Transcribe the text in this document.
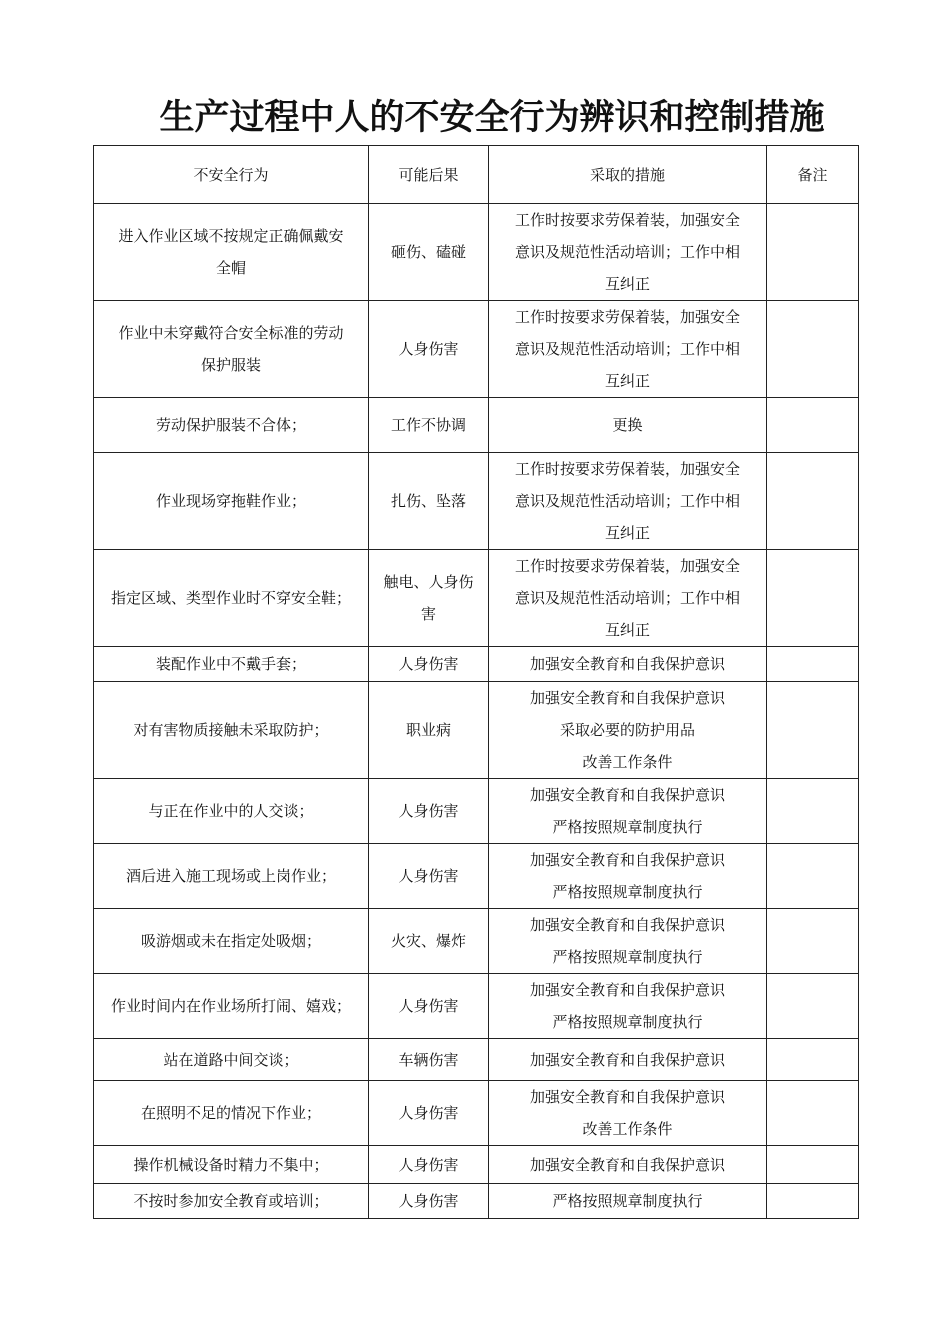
生产过程中人的不安全行为辨识和控制措施
不安全行为	可能后果	采取的措施	备注

进入作业区域不按规定正确佩戴安
全帽	砸伤、磕碰	工作时按要求劳保着装，加强安全
意识及规范性活动培训；工作中相
互纠正	

作业中未穿戴符合安全标准的劳动
保护服装	人身伤害	工作时按要求劳保着装，加强安全
意识及规范性活动培训；工作中相
互纠正	

劳动保护服装不合体；	工作不协调	更换	

作业现场穿拖鞋作业；	扎伤、坠落	工作时按要求劳保着装，加强安全
意识及规范性活动培训；工作中相
互纠正	

指定区域、类型作业时不穿安全鞋；	触电、人身伤
害	工作时按要求劳保着装，加强安全
意识及规范性活动培训；工作中相
互纠正	

装配作业中不戴手套；	人身伤害	加强安全教育和自我保护意识	

对有害物质接触未采取防护；	职业病	加强安全教育和自我保护意识
采取必要的防护用品
改善工作条件	

与正在作业中的人交谈；	人身伤害	加强安全教育和自我保护意识
严格按照规章制度执行	

酒后进入施工现场或上岗作业；	人身伤害	加强安全教育和自我保护意识
严格按照规章制度执行	

吸游烟或未在指定处吸烟；	火灾、爆炸	加强安全教育和自我保护意识
严格按照规章制度执行	

作业时间内在作业场所打闹、嬉戏；	人身伤害	加强安全教育和自我保护意识
严格按照规章制度执行	

站在道路中间交谈；	车辆伤害	加强安全教育和自我保护意识	

在照明不足的情况下作业；	人身伤害	加强安全教育和自我保护意识
改善工作条件	

操作机械设备时精力不集中；	人身伤害	加强安全教育和自我保护意识	

不按时参加安全教育或培训；	人身伤害	严格按照规章制度执行	
